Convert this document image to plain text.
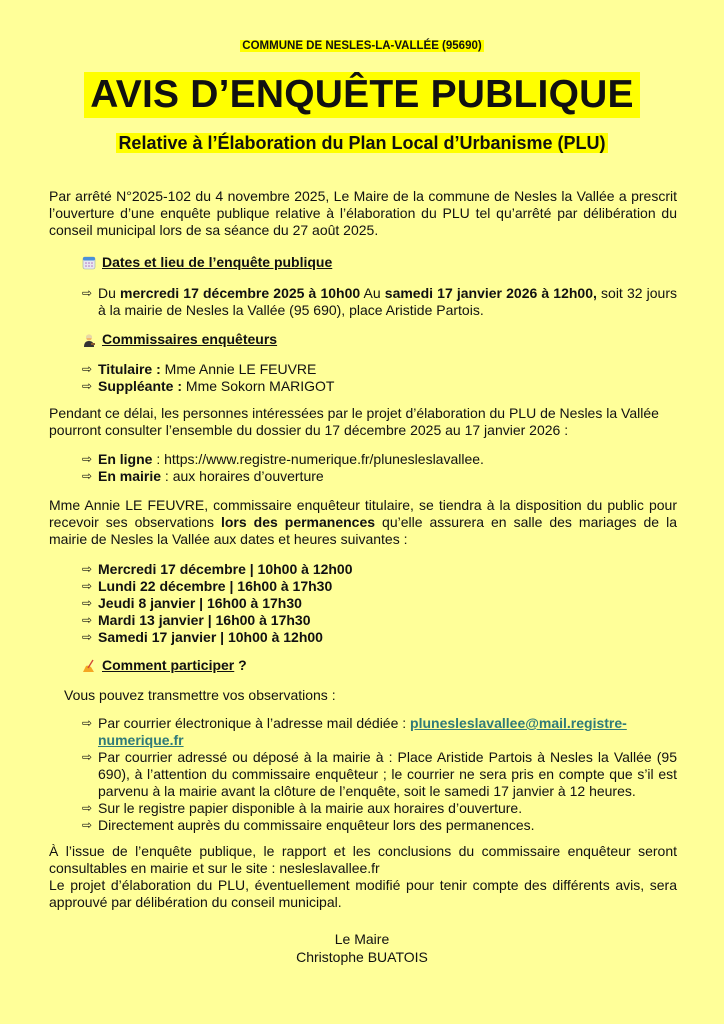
COMMUNE DE NESLES-LA-VALLÉE (95690)
AVIS D’ENQUÊTE PUBLIQUE
Relative à l’Élaboration du Plan Local d’Urbanisme (PLU)
Par arrêté N°2025-102 du 4 novembre 2025, Le Maire de la commune de Nesles la Vallée a prescrit l’ouverture d’une enquête publique relative à l’élaboration du PLU tel qu’arrêté par délibération du conseil municipal lors de sa séance du 27 août 2025.
Dates et lieu de l’enquête publique
⇨ Du mercredi 17 décembre 2025 à 10h00 Au samedi 17 janvier 2026 à 12h00, soit 32 jours à la mairie de Nesles la Vallée (95 690), place Aristide Partois.
Commissaires enquêteurs
⇨ Titulaire : Mme Annie LE FEUVRE
⇨ Suppléante : Mme Sokorn MARIGOT
Pendant ce délai, les personnes intéressées par le projet d’élaboration du PLU de Nesles la Vallée pourront consulter l’ensemble du dossier du 17 décembre 2025 au 17 janvier 2026 :
⇨ En ligne : https://www.registre-numerique.fr/plunesleslavallee.
⇨ En mairie : aux horaires d’ouverture
Mme Annie LE FEUVRE, commissaire enquêteur titulaire, se tiendra à la disposition du public pour recevoir ses observations lors des permanences qu’elle assurera en salle des mariages de la mairie de Nesles la Vallée aux dates et heures suivantes :
⇨ Mercredi 17 décembre | 10h00 à 12h00
⇨ Lundi 22 décembre | 16h00 à 17h30
⇨ Jeudi 8 janvier | 16h00 à 17h30
⇨ Mardi 13 janvier | 16h00 à 17h30
⇨ Samedi 17 janvier | 10h00 à 12h00
Comment participer ?
Vous pouvez transmettre vos observations :
⇨ Par courrier électronique à l’adresse mail dédiée : plunesleslavallee@mail.registre-numerique.fr
⇨ Par courrier adressé ou déposé à la mairie à : Place Aristide Partois à Nesles la Vallée (95 690), à l’attention du commissaire enquêteur ; le courrier ne sera pris en compte que s’il est parvenu à la mairie avant la clôture de l’enquête, soit le samedi 17 janvier à 12 heures.
⇨ Sur le registre papier disponible à la mairie aux horaires d’ouverture.
⇨ Directement auprès du commissaire enquêteur lors des permanences.
À l’issue de l’enquête publique, le rapport et les conclusions du commissaire enquêteur seront consultables en mairie et sur le site : nesleslavallee.fr
Le projet d’élaboration du PLU, éventuellement modifié pour tenir compte des différents avis, sera approuvé par délibération du conseil municipal.
Le Maire
Christophe BUATOIS
